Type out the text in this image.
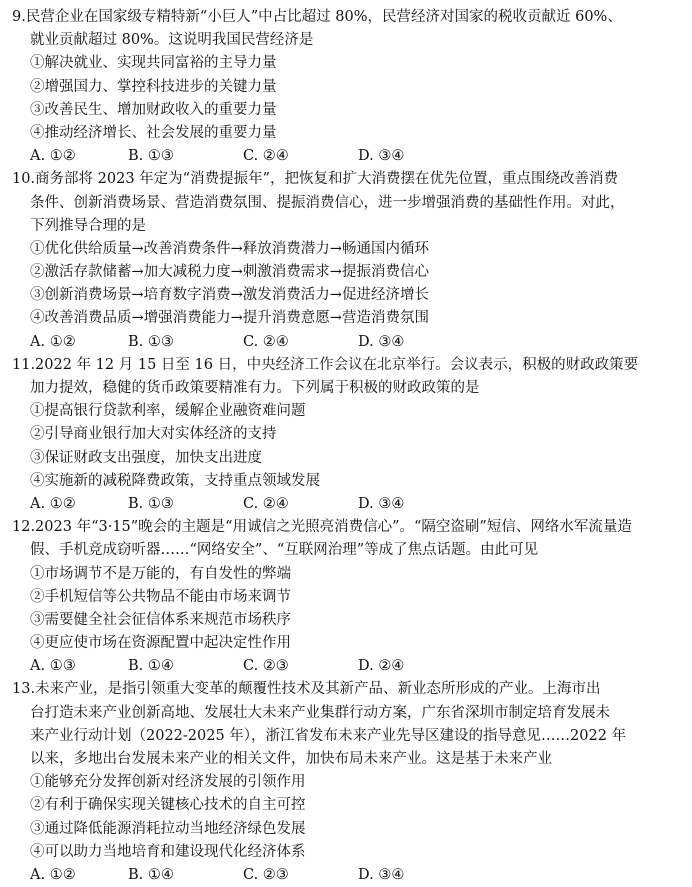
9.民营企业在国家级专精特新“小巨人”中占比超过 80%，民营经济对国家的税收贡献近 60%、
就业贡献超过 80%。这说明我国民营经济是
①解决就业、实现共同富裕的主导力量
②增强国力、掌控科技进步的关键力量
③改善民生、增加财政收入的重要力量
④推动经济增长、社会发展的重要力量
A. ①②	B. ①③	C. ②④	D. ③④
10.商务部将 2023 年定为“消费提振年”，把恢复和扩大消费摆在优先位置，重点围绕改善消费
条件、创新消费场景、营造消费氛围、提振消费信心，进一步增强消费的基础性作用。对此，
下列推导合理的是
①优化供给质量→改善消费条件→释放消费潜力→畅通国内循环
②激活存款储蓄→加大减税力度→刺激消费需求→提振消费信心
③创新消费场景→培育数字消费→激发消费活力→促进经济增长
④改善消费品质→增强消费能力→提升消费意愿→营造消费氛围
A. ①②	B. ①③	C. ②④	D. ③④
11.2022 年 12 月 15 日至 16 日，中央经济工作会议在北京举行。会议表示，积极的财政政策要
加力提效，稳健的货币政策要精准有力。下列属于积极的财政政策的是
①提高银行贷款利率，缓解企业融资难问题
②引导商业银行加大对实体经济的支持
③保证财政支出强度，加快支出进度
④实施新的减税降费政策，支持重点领域发展
A. ①②	B. ①③	C. ②④	D. ③④
12.2023 年“3·15”晚会的主题是“用诚信之光照亮消费信心”。“隔空盗刷”短信、网络水军流量造
假、手机竞成窃听器……“网络安全”、“互联网治理”等成了焦点话题。由此可见
①市场调节不是万能的，有自发性的弊端
②手机短信等公共物品不能由市场来调节
③需要健全社会征信体系来规范市场秩序
④更应使市场在资源配置中起决定性作用
A. ①③	B. ①④	C. ②③	D. ②④
13.未来产业，是指引领重大变革的颠覆性技术及其新产品、新业态所形成的产业。上海市出
台打造未来产业创新高地、发展壮大未来产业集群行动方案，广东省深圳市制定培育发展未
来产业行动计划（2022-2025 年），浙江省发布未来产业先导区建设的指导意见……2022 年
以来，多地出台发展未来产业的相关文件，加快布局未来产业。这是基于未来产业
①能够充分发挥创新对经济发展的引领作用
②有利于确保实现关键核心技术的自主可控
③通过降低能源消耗拉动当地经济绿色发展
④可以助力当地培育和建设现代化经济体系
A. ①②	B. ①④	C. ②③	D. ③④
